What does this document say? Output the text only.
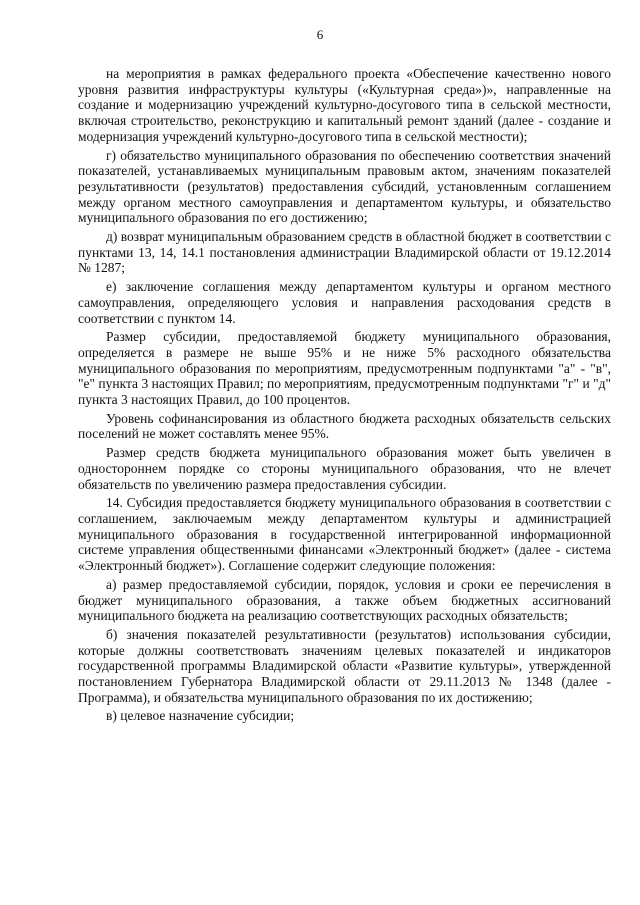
6

на мероприятия в рамках федерального проекта «Обеспечение качественно нового уровня развития инфраструктуры культуры («Культурная среда»)», направленные на создание и модернизацию учреждений культурно-досугового типа в сельской местности, включая строительство, реконструкцию и капитальный ремонт зданий (далее - создание и модернизация учреждений культурно-досугового типа в сельской местности);

г) обязательство муниципального образования по обеспечению соответствия значений показателей, устанавливаемых муниципальным правовым актом, значениям показателей результативности (результатов) предоставления субсидий, установленным соглашением между органом местного самоуправления и департаментом культуры, и обязательство муниципального образования по его достижению;

д) возврат муниципальным образованием средств в областной бюджет в соответствии с пунктами 13, 14, 14.1 постановления администрации Владимирской области от 19.12.2014 № 1287;

е) заключение соглашения между департаментом культуры и органом местного самоуправления, определяющего условия и направления расходования средств в соответствии с пунктом 14.

Размер субсидии, предоставляемой бюджету муниципального образования, определяется в размере не выше 95% и не ниже 5% расходного обязательства муниципального образования по мероприятиям, предусмотренным подпунктами "а" - "в", "е" пункта 3 настоящих Правил; по мероприятиям, предусмотренным подпунктами "г" и "д" пункта 3 настоящих Правил, до 100 процентов.

Уровень софинансирования из областного бюджета расходных обязательств сельских поселений не может составлять менее 95%.

Размер средств бюджета муниципального образования может быть увеличен в одностороннем порядке со стороны муниципального образования, что не влечет обязательств по увеличению размера предоставления субсидии.

14. Субсидия предоставляется бюджету муниципального образования в соответствии с соглашением, заключаемым между департаментом культуры и администрацией муниципального образования в государственной интегрированной информационной системе управления общественными финансами «Электронный бюджет» (далее - система «Электронный бюджет»). Соглашение содержит следующие положения:

а) размер предоставляемой субсидии, порядок, условия и сроки ее перечисления в бюджет муниципального образования, а также объем бюджетных ассигнований муниципального бюджета на реализацию соответствующих расходных обязательств;

б) значения показателей результативности (результатов) использования субсидии, которые должны соответствовать значениям целевых показателей и индикаторов государственной программы Владимирской области «Развитие культуры», утвержденной постановлением Губернатора Владимирской области от 29.11.2013 № 1348 (далее - Программа), и обязательства муниципального образования по их достижению;

в) целевое назначение субсидии;
